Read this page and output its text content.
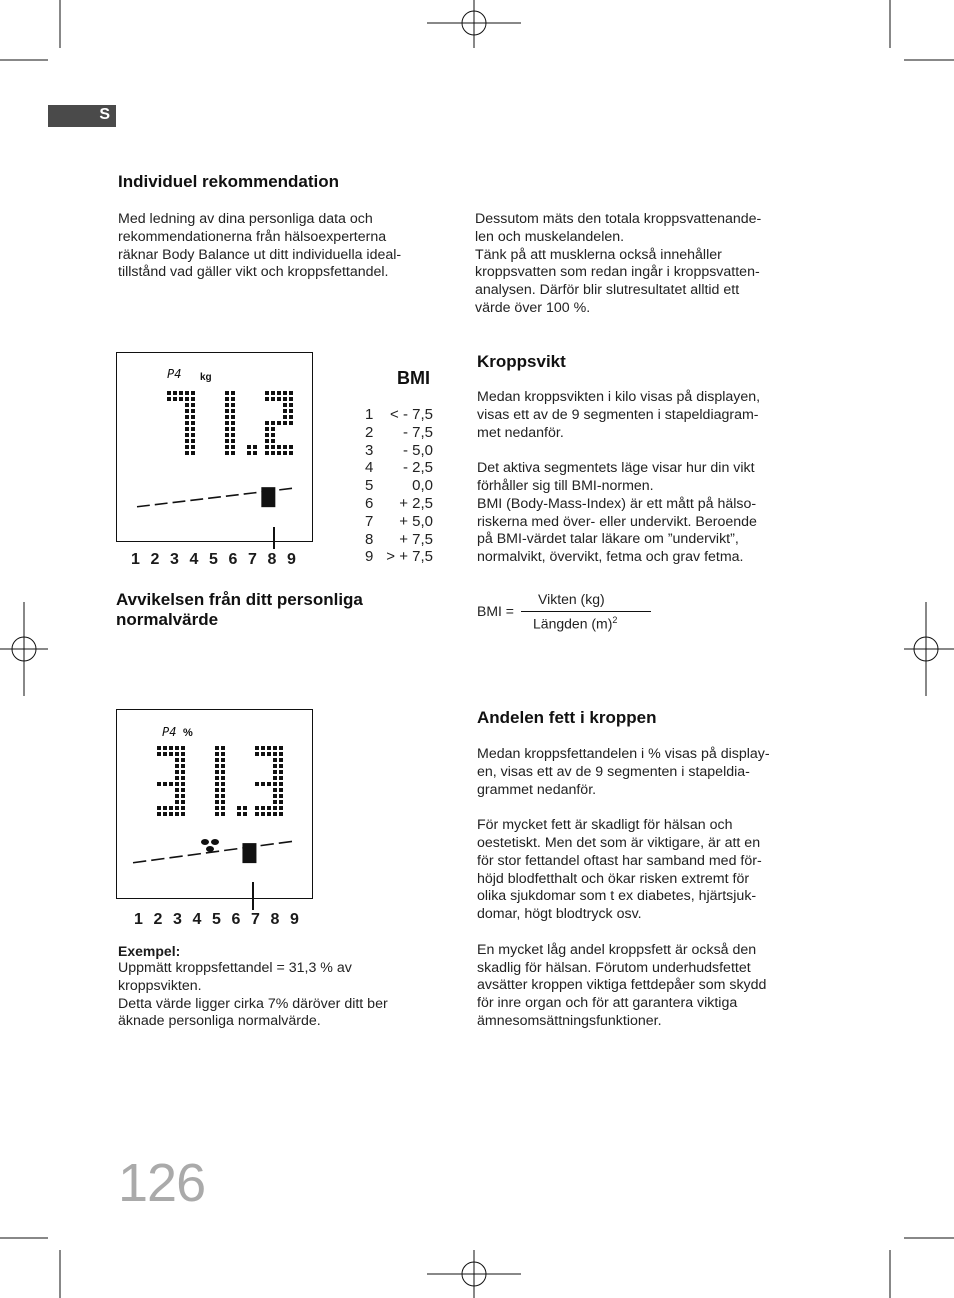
S
Individuel rekommendation
Med ledning av dina personliga data och
rekommendationerna från hälsoexperterna
räknar Body Balance ut ditt individuella ideal-
tillstånd vad gäller vikt och kroppsfettandel.
Dessutom mäts den totala kroppsvattenande-
len och muskelandelen.
Tänk på att musklerna också innehåller
kroppsvatten som redan ingår i kroppsvatten-
analysen. Därför blir slutresultatet alltid ett
värde över 100 %.
P4 kg
1 2 3 4 5 6 7 8 9
BMI
1	< - 7,5
2	- 7,5
3	- 5,0
4	- 2,5
5	0,0
6	+ 2,5
7	+ 5,0
8	+ 7,5
9 > + 7,5
Avvikelsen från ditt personliga
normalvärde
Kroppsvikt
Medan kroppsvikten i kilo visas på displayen,
visas ett av de 9 segmenten i stapeldiagram-
met nedanför.

Det aktiva segmentets läge visar hur din vikt
förhåller sig till BMI-normen.
BMI (Body-Mass-Index) är ett mått på hälso-
riskerna med över- eller undervikt. Beroende
på BMI-värdet talar läkare om ”undervikt”,
normalvikt, övervikt, fetma och grav fetma.
BMI =
Vikten (kg)
Längden $(m)^2$
P4 %
1 2 3 4 5 6 7 8 9
Exempel:
Uppmätt kroppsfettandel = 31,3 % av
kroppsvikten.
Detta värde ligger cirka 7% däröver ditt ber
äknade personliga normalvärde.
Andelen fett i kroppen
Medan kroppsfettandelen i % visas på display-
en, visas ett av de 9 segmenten i stapeldia-
grammet nedanför.

För mycket fett är skadligt för hälsan och
oestetiskt. Men det som är viktigare, är att en
för stor fettandel oftast har samband med för-
höjd blodfetthalt och ökar risken extremt för
olika sjukdomar som t ex diabetes, hjärtsjuk-
domar, högt blodtryck osv.

En mycket låg andel kroppsfett är också den
skadlig för hälsan. Förutom underhudsfettet
avsätter kroppen viktiga fettdepåer som skydd
för inre organ och för att garantera viktiga
ämnesomsättningsfunktioner.
126
